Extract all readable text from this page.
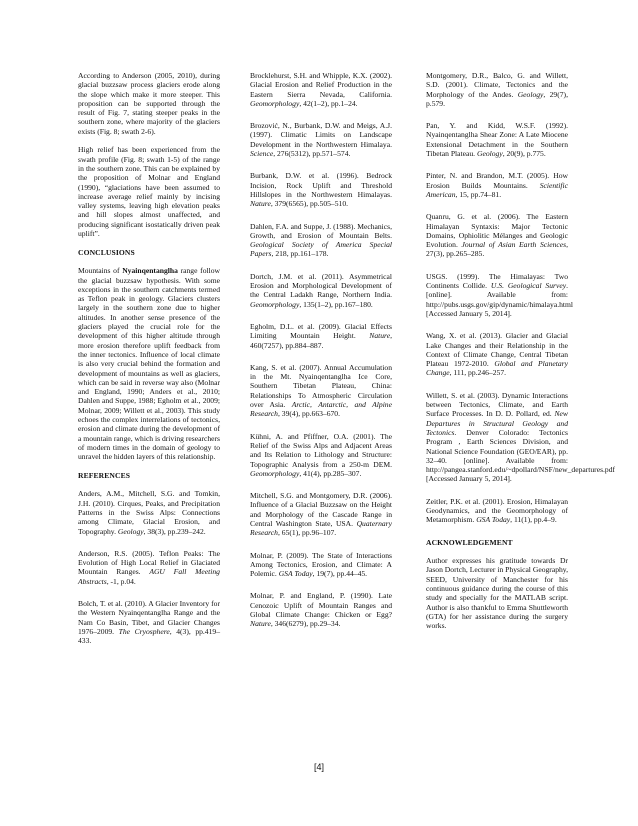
According to Anderson (2005, 2010), during glacial buzzsaw process glaciers erode along the slope which make it more steeper. This proposition can be supported through the result of Fig. 7, stating steeper peaks in the southern zone, where majority of the glaciers exists (Fig. 8; swath 2-6).

High relief has been experienced from the swath profile (Fig. 8; swath 1-5) of the range in the southern zone. This can be explained by the proposition of Molnar and England (1990), “glaciations have been assumed to increase average relief mainly by incising valley systems, leaving high elevation peaks and hill slopes almost unaffected, and producing significant isostatically driven peak uplift”.

CONCLUSIONS

Mountains of Nyainqentanglha range follow the glacial buzzsaw hypothesis. With some exceptions in the southern catchments termed as Teflon peak in geology. Glaciers clusters largely in the southern zone due to higher altitudes. In another sense presence of the glaciers played the crucial role for the development of this higher altitude through more erosion therefore uplift feedback from the inner tectonics. Influence of local climate is also very crucial behind the formation and development of mountains as well as glaciers, which can be said in reverse way also (Molnar and England, 1990; Anders et al., 2010; Dahlen and Suppe, 1988; Egholm et al., 2009; Molnar, 2009; Willett et al., 2003). This study echoes the complex interrelations of tectonics, erosion and climate during the development of a mountain range, which is driving researchers of modern times in the domain of geology to unravel the hidden layers of this relationship.

REFERENCES

Anders, A.M., Mitchell, S.G. and Tomkin, J.H. (2010). Cirques, Peaks, and Precipitation Patterns in the Swiss Alps: Connections among Climate, Glacial Erosion, and Topography. Geology, 38(3), pp.239–242.

Anderson, R.S. (2005). Teflon Peaks: The Evolution of High Local Relief in Glaciated Mountain Ranges. AGU Fall Meeting Abstracts, -1, p.04.

Bolch, T. et al. (2010). A Glacier Inventory for the Western Nyainqentanglha Range and the Nam Co Basin, Tibet, and Glacier Changes 1976–2009. The Cryosphere, 4(3), pp.419–433.

Brocklehurst, S.H. and Whipple, K.X. (2002). Glacial Erosion and Relief Production in the Eastern Sierra Nevada, California. Geomorphology, 42(1–2), pp.1–24.

Brozović, N., Burbank, D.W. and Meigs, A.J. (1997). Climatic Limits on Landscape Development in the Northwestern Himalaya. Science, 276(5312), pp.571–574.

Burbank, D.W. et al. (1996). Bedrock Incision, Rock Uplift and Threshold Hillslopes in the Northwestern Himalayas. Nature, 379(6565), pp.505–510.

Dahlen, F.A. and Suppe, J. (1988). Mechanics, Growth, and Erosion of Mountain Belts. Geological Society of America Special Papers, 218, pp.161–178.

Dortch, J.M. et al. (2011). Asymmetrical Erosion and Morphological Development of the Central Ladakh Range, Northern India. Geomorphology, 135(1–2), pp.167–180.

Egholm, D.L. et al. (2009). Glacial Effects Limiting Mountain Height. Nature, 460(7257), pp.884–887.

Kang, S. et al. (2007). Annual Accumulation in the Mt. Nyainqentanglha Ice Core, Southern Tibetan Plateau, China: Relationships To Atmospheric Circulation over Asia. Arctic, Antarctic, and Alpine Research, 39(4), pp.663–670.

Kühni, A. and Pfiffner, O.A. (2001). The Relief of the Swiss Alps and Adjacent Areas and Its Relation to Lithology and Structure: Topographic Analysis from a 250-m DEM. Geomorphology, 41(4), pp.285–307.

Mitchell, S.G. and Montgomery, D.R. (2006). Influence of a Glacial Buzzsaw on the Height and Morphology of the Cascade Range in Central Washington State, USA. Quaternary Research, 65(1), pp.96–107.

Molnar, P. (2009). The State of Interactions Among Tectonics, Erosion, and Climate: A Polemic. GSA Today, 19(7), pp.44–45.

Molnar, P. and England, P. (1990). Late Cenozoic Uplift of Mountain Ranges and Global Climate Change: Chicken or Egg? Nature, 346(6279), pp.29–34.

Montgomery, D.R., Balco, G. and Willett, S.D. (2001). Climate, Tectonics and the Morphology of the Andes. Geology, 29(7), p.579.

Pan, Y. and Kidd, W.S.F. (1992). Nyainqentanglha Shear Zone: A Late Miocene Extensional Detachment in the Southern Tibetan Plateau. Geology, 20(9), p.775.

Pinter, N. and Brandon, M.T. (2005). How Erosion Builds Mountains. Scientific American, 15, pp.74–81.

Quanru, G. et al. (2006). The Eastern Himalayan Syntaxis: Major Tectonic Domains, Ophiolitic Mélanges and Geologic Evolution. Journal of Asian Earth Sciences, 27(3), pp.265–285.

USGS. (1999). The Himalayas: Two Continents Collide. U.S. Geological Survey. [online]. Available from: http://pubs.usgs.gov/gip/dynamic/himalaya.html [Accessed January 5, 2014].

Wang, X. et al. (2013). Glacier and Glacial Lake Changes and their Relationship in the Context of Climate Change, Central Tibetan Plateau 1972-2010. Global and Planetary Change, 111, pp.246–257.

Willett, S. et al. (2003). Dynamic Interactions between Tectonics, Climate, and Earth Surface Processes. In D. D. Pollard, ed. New Departures in Structural Geology and Tectonics. Denver Colorado: Tectonics Program , Earth Sciences Division, and National Science Foundation (GEO/EAR), pp. 32–40. [online]. Available from: http://pangea.stanford.edu/~dpollard/NSF/new_departures.pdf [Accessed January 5, 2014].

Zeitler, P.K. et al. (2001). Erosion, Himalayan Geodynamics, and the Geomorphology of Metamorphism. GSA Today, 11(1), pp.4–9.

ACKNOWLEDGEMENT

Author expresses his gratitude towards Dr Jason Dortch, Lecturer in Physical Geography, SEED, University of Manchester for his continuous guidance during the course of this study and specially for the MATLAB script. Author is also thankful to Emma Shuttleworth (GTA) for her assistance during the surgery works.

[4]
